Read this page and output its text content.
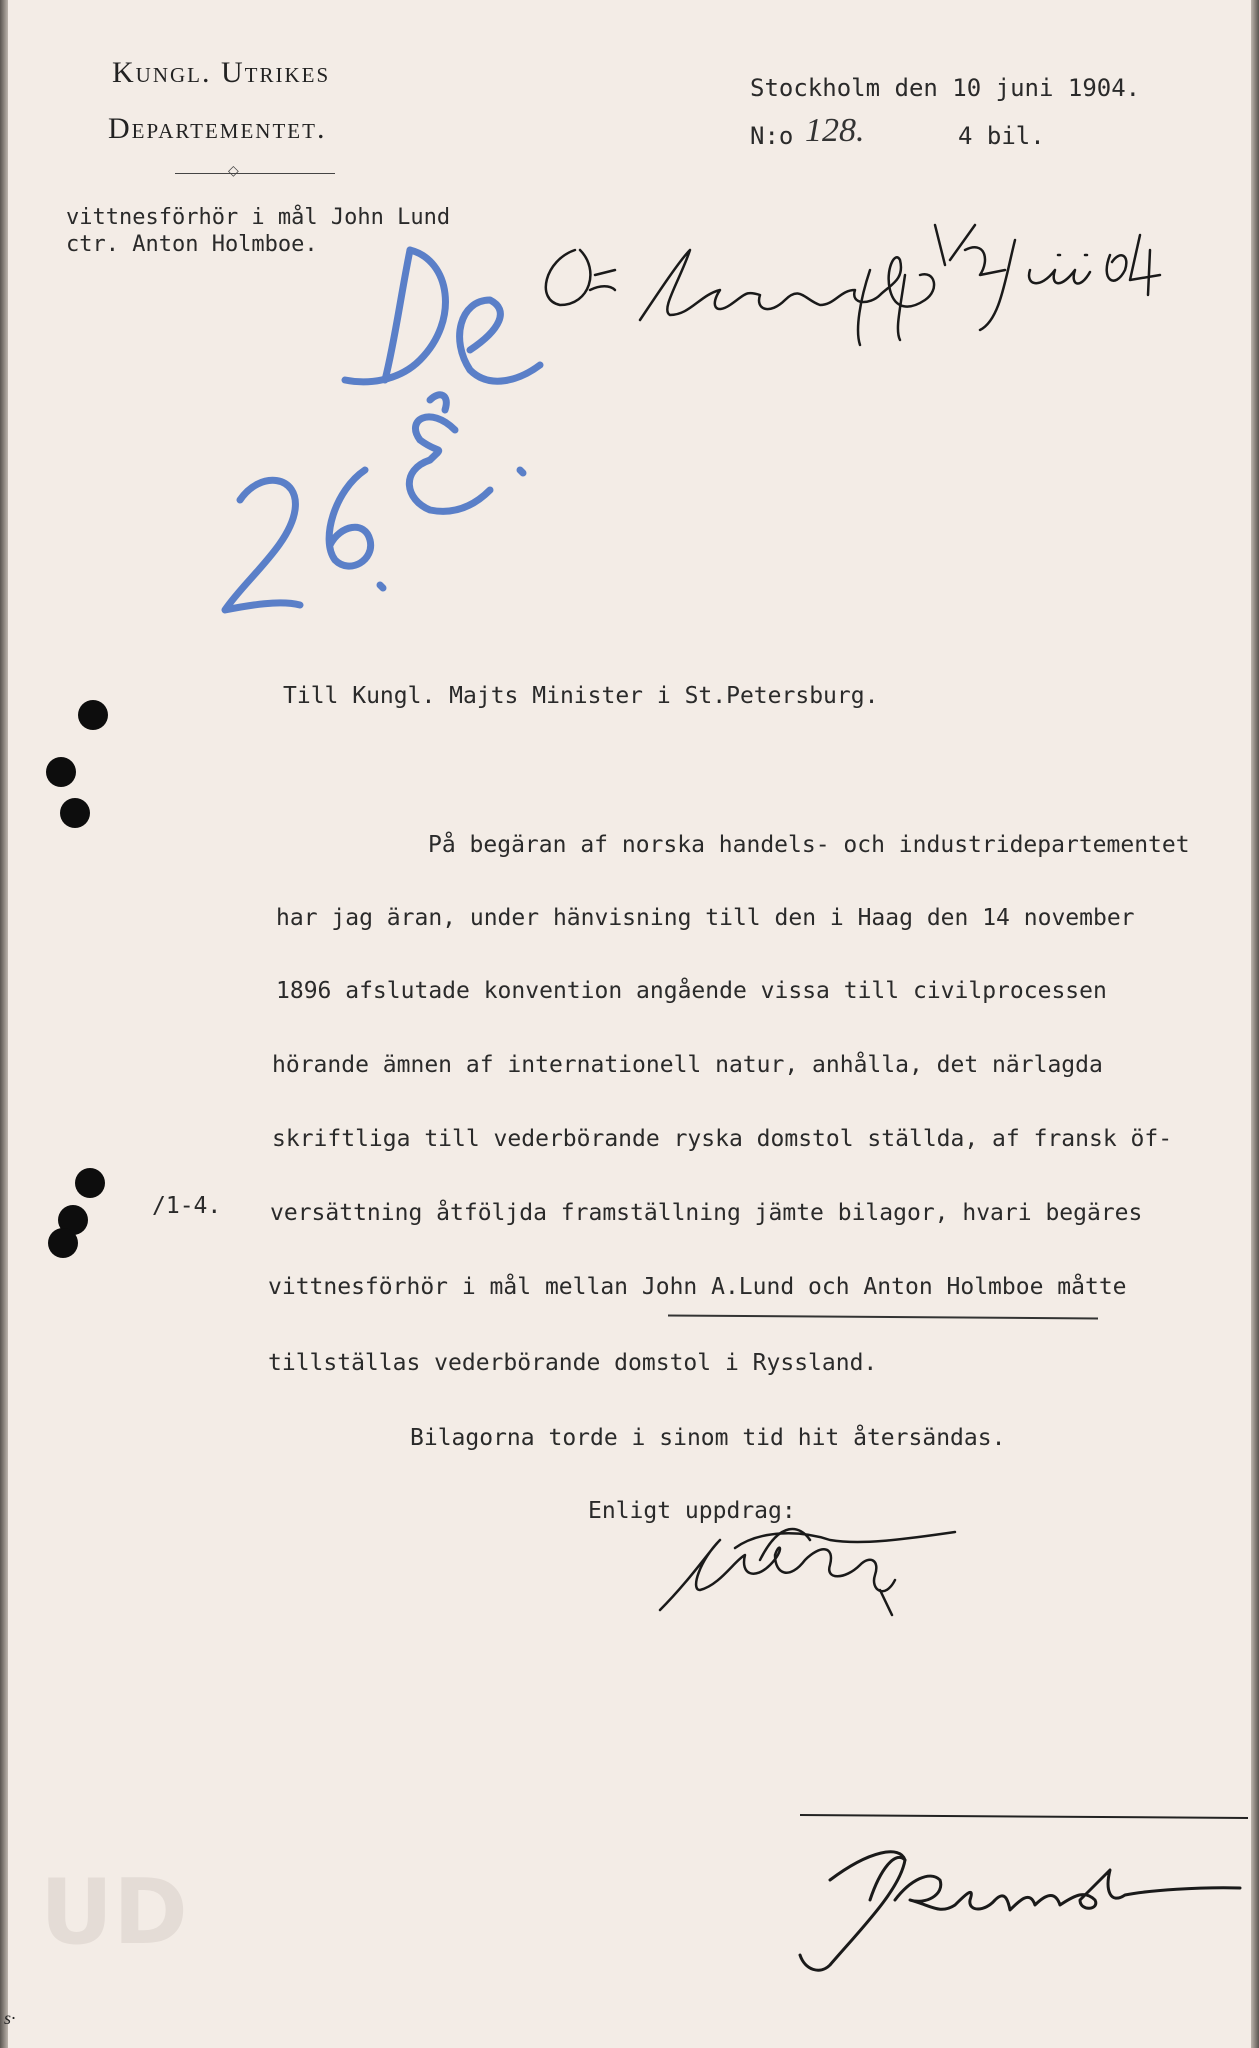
UD
Kungl. Utrikes
Departementet.
◇
vittnesförhör i mål John Lund
ctr. Anton Holmboe.
Stockholm den 10 juni 1904.
N:o 128.	4 bil.
Till Kungl. Majts Minister i St.Petersburg.
På begäran af norska handels- och industridepartementet
har jag äran, under hänvisning till den i Haag den 14 november
1896 afslutade konvention angående vissa till civilprocessen
hörande ämnen af internationell natur, anhålla, det närlagda
skriftliga till vederbörande ryska domstol ställda, af fransk öf-
versättning åtföljda framställning jämte bilagor, hvari begäres
vittnesförhör i mål mellan John A.Lund och Anton Holmboe måtte
tillställas vederbörande domstol i Ryssland.
/1-4.
Bilagorna torde i sinom tid hit återsändas.
Enligt uppdrag:
s·
